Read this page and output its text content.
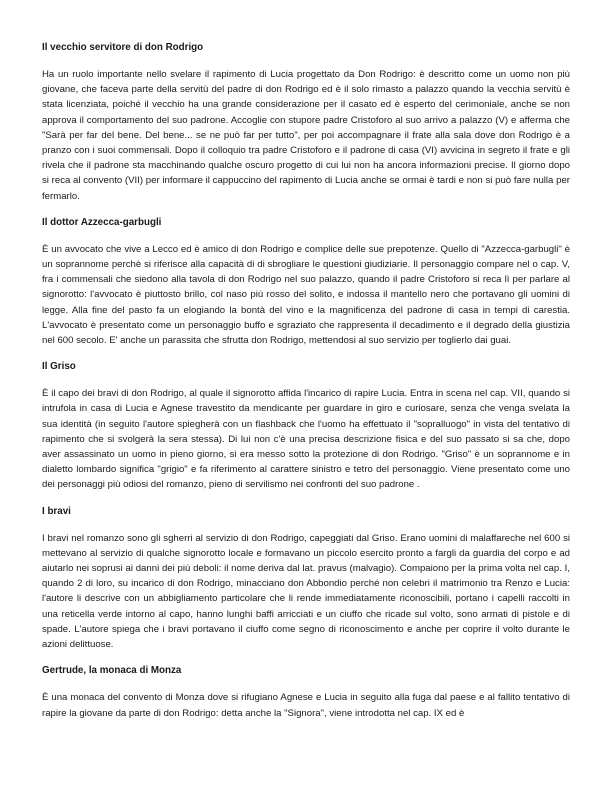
Il vecchio servitore di don Rodrigo

Ha un ruolo importante nello svelare il rapimento di Lucia progettato da Don Rodrigo: è descritto come un uomo non più giovane, che faceva parte della servitù del padre di don Rodrigo ed è il solo rimasto a palazzo quando la vecchia servitù è stata licenziata, poiché il vecchio ha una grande considerazione per il casato ed è esperto del cerimoniale, anche se non approva il comportamento del suo padrone. Accoglie con stupore padre Cristoforo al suo arrivo a palazzo (V) e afferma che "Sarà per far del bene. Del bene... se ne può far per tutto", per poi accompagnare il frate alla sala dove don Rodrigo è a pranzo con i suoi commensali. Dopo il colloquio tra padre Cristoforo e il padrone di casa (VI) avvicina in segreto il frate e gli rivela che il padrone sta macchinando qualche oscuro progetto di cui lui non ha ancora informazioni precise. Il giorno dopo si reca al convento (VII) per informare il cappuccino del rapimento di Lucia anche se ormai è tardi e non si può fare nulla per fermarlo.

Il dottor Azzecca-garbugli

È un avvocato che vive a Lecco ed è amico di don Rodrigo e complice delle sue prepotenze. Quello di "Azzecca-garbugli" è un soprannome perchè si riferisce alla capacità di di sbrogliare le questioni giudiziarie. Il personaggio compare nel o cap. V, fra i commensali che siedono alla tavola di don Rodrigo nel suo palazzo, quando il padre Cristoforo si reca lì per parlare al signorotto: l'avvocato è piuttosto brillo, col naso più rosso del solito, e indossa il mantello nero che portavano gli uomini di legge. Alla fine del pasto fa un elogiando la bontà del vino e la magnificenza del padrone di casa in tempi di carestia. L'avvocato è presentato come un personaggio buffo e sgraziato che rappresenta il decadimento e il degrado della giustizia nel 600 secolo. E' anche un parassita che sfrutta don Rodrigo, mettendosi al suo servizio per toglierlo dai guai.

Il Griso

È il capo dei bravi di don Rodrigo, al quale il signorotto affida l'incarico di rapire Lucia. Entra in scena nel cap. VII, quando si intrufola in casa di Lucia e Agnese travestito da mendicante per guardare in giro e curiosare, senza che venga svelata la sua identità (in seguito l'autore spiegherà con un flashback che l'uomo ha effettuato il "sopralluogo" in vista del tentativo di rapimento che si svolgerà la sera stessa). Di lui non c'è una precisa descrizione fisica e del suo passato si sa che, dopo aver assassinato un uomo in pieno giorno, si era messo sotto la protezione di don Rodrigo. "Griso" è un soprannome e in dialetto lombardo significa "grigio" e fa riferimento al carattere sinistro e tetro del personaggio. Viene presentato come uno dei personaggi più odiosi del romanzo, pieno di servilismo nei confronti del suo padrone .

I bravi

I bravi nel romanzo sono gli sgherri al servizio di don Rodrigo, capeggiati dal Griso. Erano uomini di malaffareche nel 600 si mettevano al servizio di qualche signorotto locale e formavano un piccolo esercito pronto a fargli da guardia del corpo e ad aiutarlo nei soprusi ai danni dei più deboli: il nome deriva dal lat. pravus (malvagio). Compaiono per la prima volta nel cap. I, quando 2 di loro, su incarico di don Rodrigo, minacciano don Abbondio perché non celebri il matrimonio tra Renzo e Lucia: l'autore li descrive con un abbigliamento particolare che li rende immediatamente riconoscibili, portano i capelli raccolti in una reticella verde intorno al capo, hanno lunghi baffi arricciati e un ciuffo che ricade sul volto, sono armati di pistole e di spade. L'autore spiega che i bravi portavano il ciuffo come segno di riconoscimento e anche per coprire il volto durante le azioni delittuose.

Gertrude, la monaca di Monza

È una monaca del convento di Monza dove si rifugiano Agnese e Lucia in seguito alla fuga dal paese e al fallito tentativo di rapire la giovane da parte di don Rodrigo: detta anche la "Signora", viene introdotta nel cap. IX ed è
